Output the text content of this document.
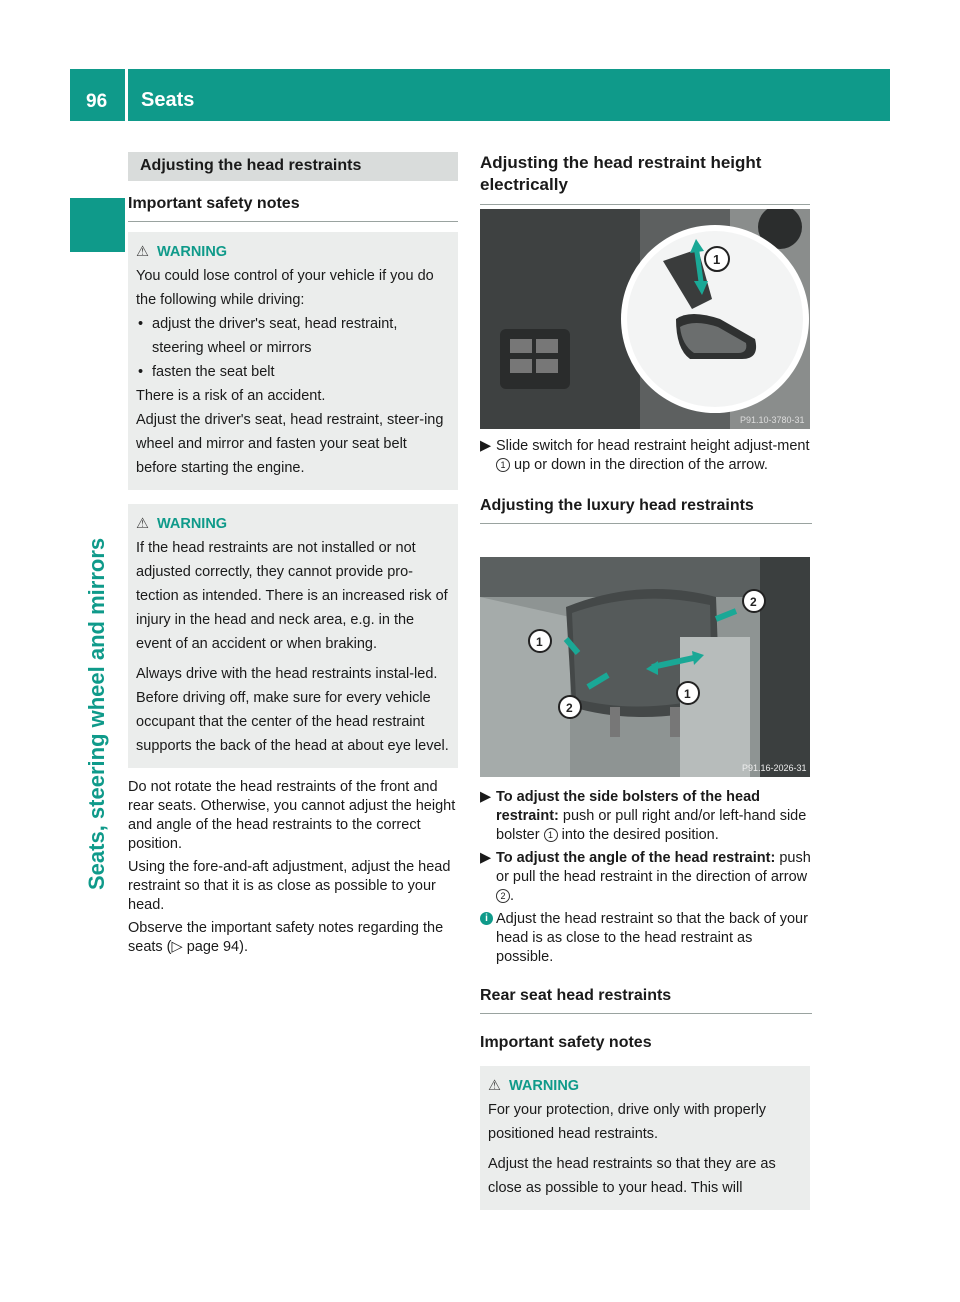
96 Seats
Seats, steering wheel and mirrors
Adjusting the head restraints
Important safety notes
⚠ WARNING

You could lose control of your vehicle if you do the following while driving:

• adjust the driver's seat, head restraint, steering wheel or mirrors
• fasten the seat belt

There is a risk of an accident.

Adjust the driver's seat, head restraint, steer-ing wheel and mirror and fasten your seat belt before starting the engine.

⚠ WARNING

If the head restraints are not installed or not adjusted correctly, they cannot provide pro-tection as intended. There is an increased risk of injury in the head and neck area, e.g. in the event of an accident or when braking.

Always drive with the head restraints instal-led. Before driving off, make sure for every vehicle occupant that the center of the head restraint supports the back of the head at about eye level.

Do not rotate the head restraints of the front and rear seats. Otherwise, you cannot adjust the height and angle of the head restraints to the correct position.

Using the fore-and-aft adjustment, adjust the head restraint so that it is as close as possible to your head.

Observe the important safety notes regarding the seats (▷ page 94).

Adjusting the head restraint height electrically
1
P91.10-3780-31
▶ Slide switch for head restraint height adjust-ment 1 up or down in the direction of the arrow.
Adjusting the luxury head restraints
1
1
2
2
P91.16-2026-31
▶ To adjust the side bolsters of the head restraint: push or pull right and/or left-hand side bolster 1 into the desired position.
▶ To adjust the angle of the head restraint: push or pull the head restraint in the direction of arrow 2 .
i Adjust the head restraint so that the back of your head is as close to the head restraint as possible.
Rear seat head restraints
Important safety notes
⚠ WARNING

For your protection, drive only with properly positioned head restraints.

Adjust the head restraints so that they are as close as possible to your head. This will
